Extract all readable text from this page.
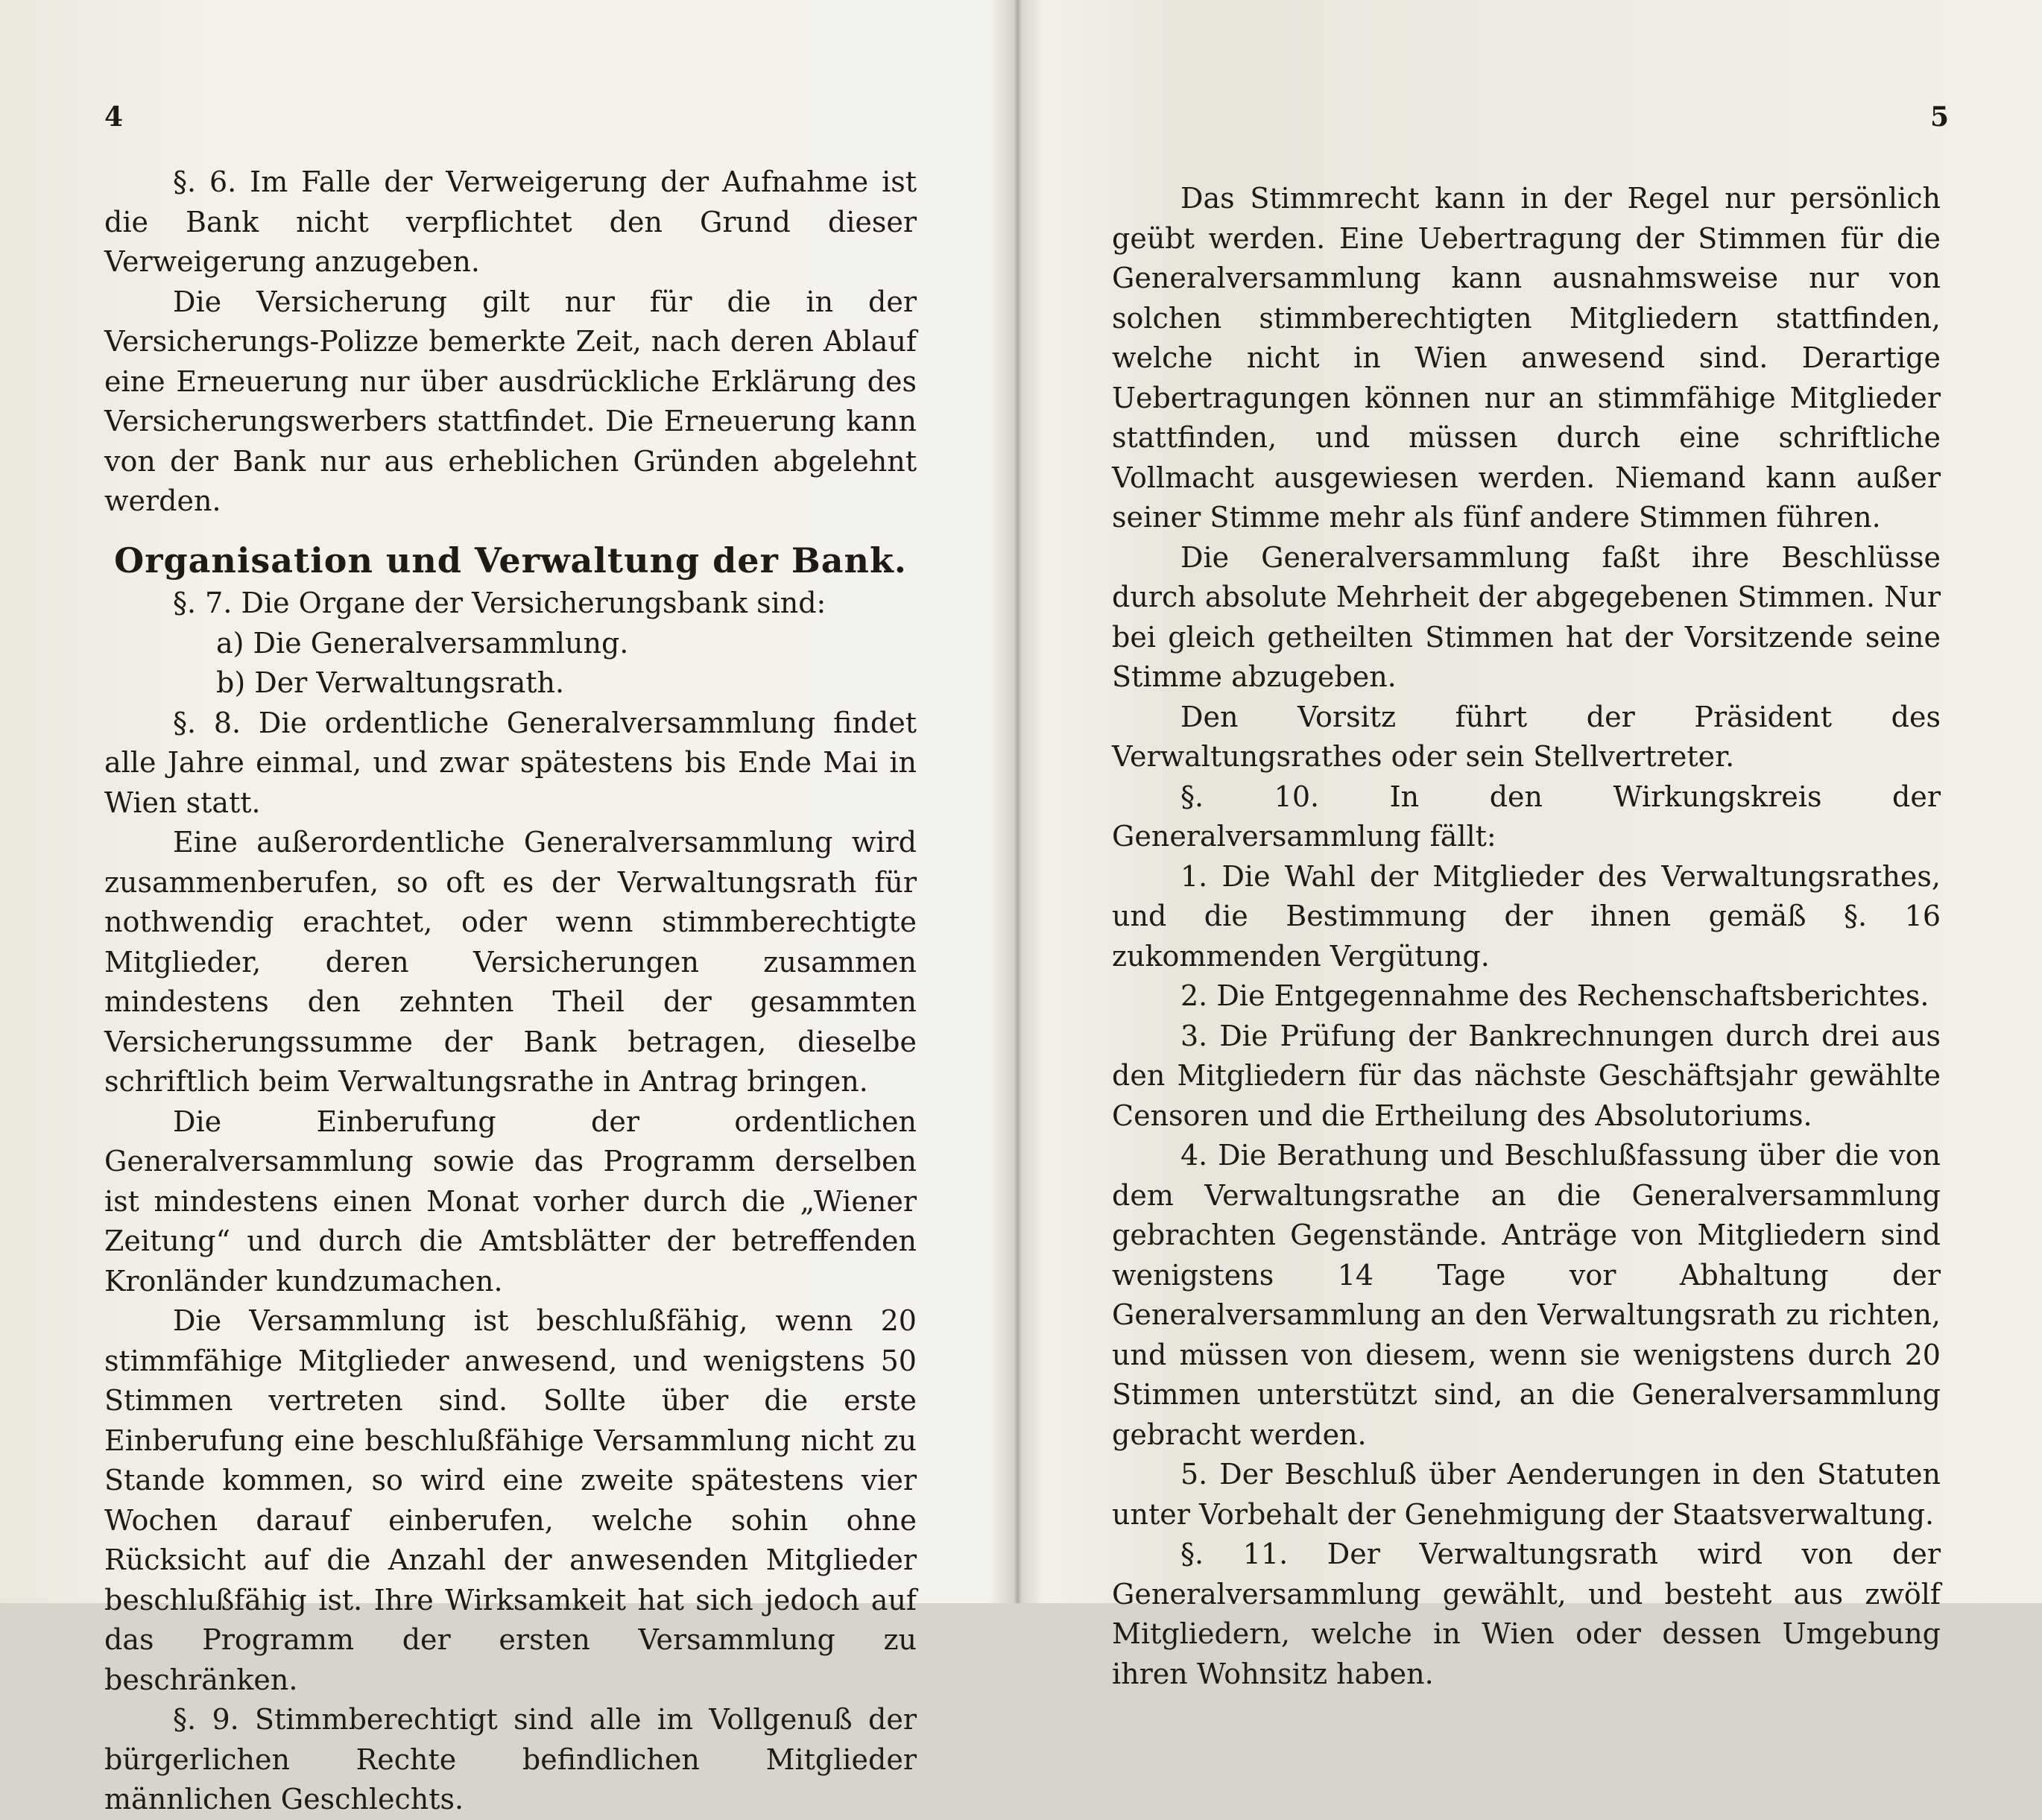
4

§. 6. Im Falle der Verweigerung der Aufnahme ist die Bank nicht verpflichtet den Grund dieser Verweigerung anzugeben.

Die Versicherung gilt nur für die in der Versicherungs-Polizze bemerkte Zeit, nach deren Ablauf eine Erneuerung nur über ausdrückliche Erklärung des Versicherungswerbers stattfindet. Die Erneuerung kann von der Bank nur aus erheblichen Gründen abgelehnt werden.

Organisation und Verwaltung der Bank.

§. 7. Die Organe der Versicherungsbank sind:

a) Die Generalversammlung.

b) Der Verwaltungsrath.

§. 8. Die ordentliche Generalversammlung findet alle Jahre einmal, und zwar spätestens bis Ende Mai in Wien statt.

Eine außerordentliche Generalversammlung wird zusammenberufen, so oft es der Verwaltungsrath für nothwendig erachtet, oder wenn stimmberechtigte Mitglieder, deren Versicherungen zusammen mindestens den zehnten Theil der gesammten Versicherungssumme der Bank betragen, dieselbe schriftlich beim Verwaltungsrathe in Antrag bringen.

Die Einberufung der ordentlichen Generalversammlung sowie das Programm derselben ist mindestens einen Monat vorher durch die „Wiener Zeitung“ und durch die Amtsblätter der betreffenden Kronländer kundzumachen.

Die Versammlung ist beschlußfähig, wenn 20 stimmfähige Mitglieder anwesend, und wenigstens 50 Stimmen vertreten sind. Sollte über die erste Einberufung eine beschlußfähige Versammlung nicht zu Stande kommen, so wird eine zweite spätestens vier Wochen darauf einberufen, welche sohin ohne Rücksicht auf die Anzahl der anwesenden Mitglieder beschlußfähig ist. Ihre Wirksamkeit hat sich jedoch auf das Programm der ersten Versammlung zu beschränken.

§. 9. Stimmberechtigt sind alle im Vollgenuß der bürgerlichen Rechte befindlichen Mitglieder männlichen Geschlechts.

5

Das Stimmrecht kann in der Regel nur persönlich geübt werden. Eine Uebertragung der Stimmen für die Generalversammlung kann ausnahmsweise nur von solchen stimmberechtigten Mitgliedern stattfinden, welche nicht in Wien anwesend sind. Derartige Uebertragungen können nur an stimmfähige Mitglieder stattfinden, und müssen durch eine schriftliche Vollmacht ausgewiesen werden. Niemand kann außer seiner Stimme mehr als fünf andere Stimmen führen.

Die Generalversammlung faßt ihre Beschlüsse durch absolute Mehrheit der abgegebenen Stimmen. Nur bei gleich getheilten Stimmen hat der Vorsitzende seine Stimme abzugeben.

Den Vorsitz führt der Präsident des Verwaltungsrathes oder sein Stellvertreter.

§. 10. In den Wirkungskreis der Generalversammlung fällt:

1. Die Wahl der Mitglieder des Verwaltungsrathes, und die Bestimmung der ihnen gemäß §. 16 zukommenden Vergütung.

2. Die Entgegennahme des Rechenschaftsberichtes.

3. Die Prüfung der Bankrechnungen durch drei aus den Mitgliedern für das nächste Geschäftsjahr gewählte Censoren und die Ertheilung des Absolutoriums.

4. Die Berathung und Beschlußfassung über die von dem Verwaltungsrathe an die Generalversammlung gebrachten Gegenstände. Anträge von Mitgliedern sind wenigstens 14 Tage vor Abhaltung der Generalversammlung an den Verwaltungsrath zu richten, und müssen von diesem, wenn sie wenigstens durch 20 Stimmen unterstützt sind, an die Generalversammlung gebracht werden.

5. Der Beschluß über Aenderungen in den Statuten unter Vorbehalt der Genehmigung der Staatsverwaltung.

§. 11. Der Verwaltungsrath wird von der Generalversammlung gewählt, und besteht aus zwölf Mitgliedern, welche in Wien oder dessen Umgebung ihren Wohnsitz haben.
